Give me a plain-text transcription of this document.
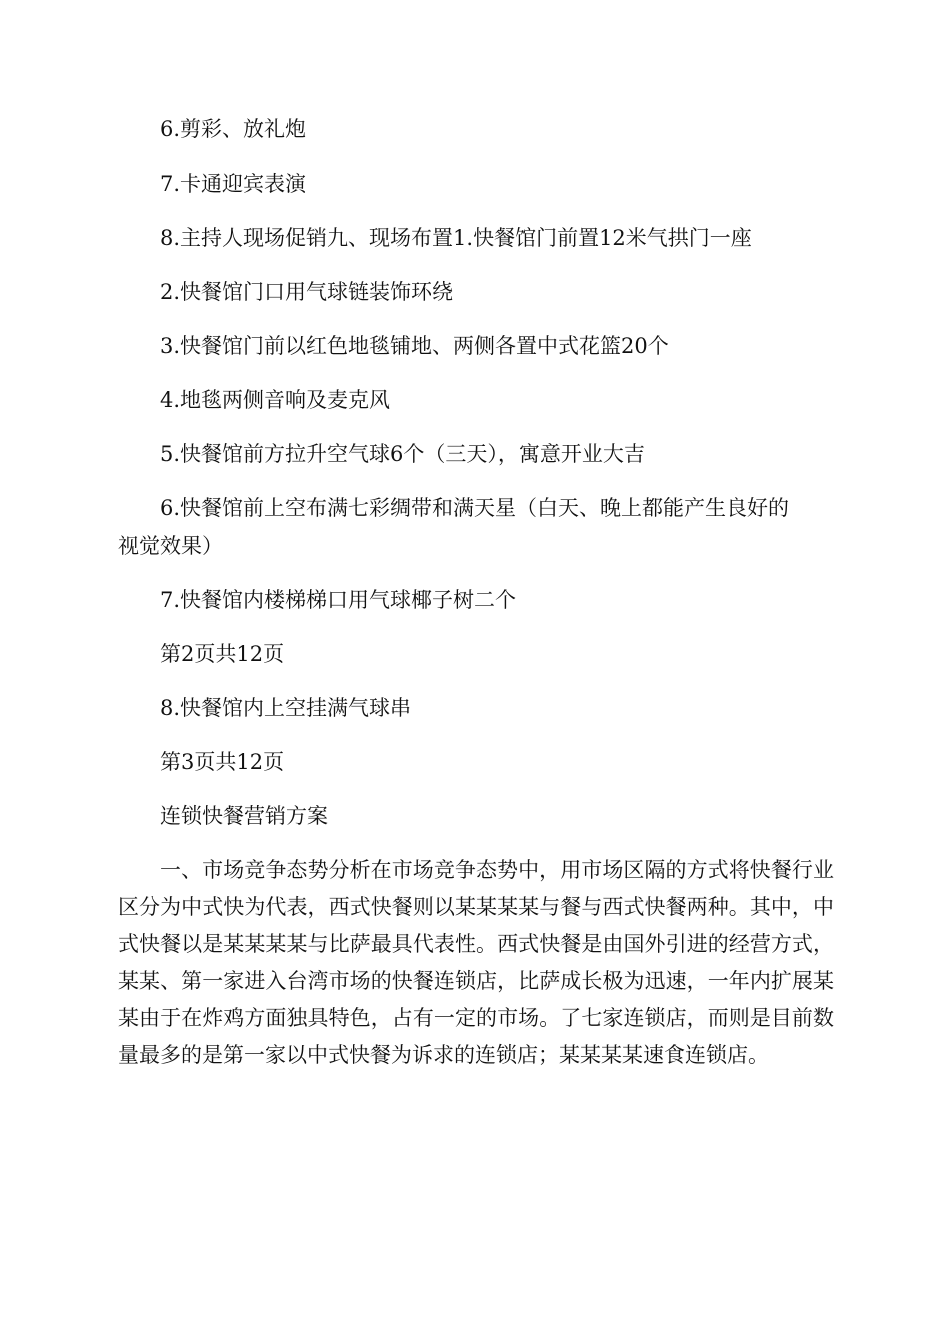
6.剪彩、放礼炮
7.卡通迎宾表演
8.主持人现场促销九、现场布置1.快餐馆门前置12米气拱门一座
2.快餐馆门口用气球链装饰环绕
3.快餐馆门前以红色地毯铺地、两侧各置中式花篮20个
4.地毯两侧音响及麦克风
5.快餐馆前方拉升空气球6个（三天），寓意开业大吉
6.快餐馆前上空布满七彩绸带和满天星（白天、晚上都能产生良好的
视觉效果）
7.快餐馆内楼梯梯口用气球椰子树二个
第2页共12页
8.快餐馆内上空挂满气球串
第3页共12页
连锁快餐营销方案
一、市场竞争态势分析在市场竞争态势中，用市场区隔的方式将快餐行业区分为中式快为代表，西式快餐则以某某某某与餐与西式快餐两种。其中，中式快餐以是某某某某与比萨最具代表性。西式快餐是由国外引进的经营方式，某某、第一家进入台湾市场的快餐连锁店，比萨成长极为迅速，一年内扩展某某由于在炸鸡方面独具特色，占有一定的市场。了七家连锁店，而则是目前数量最多的是第一家以中式快餐为诉求的连锁店；某某某某速食连锁店。
